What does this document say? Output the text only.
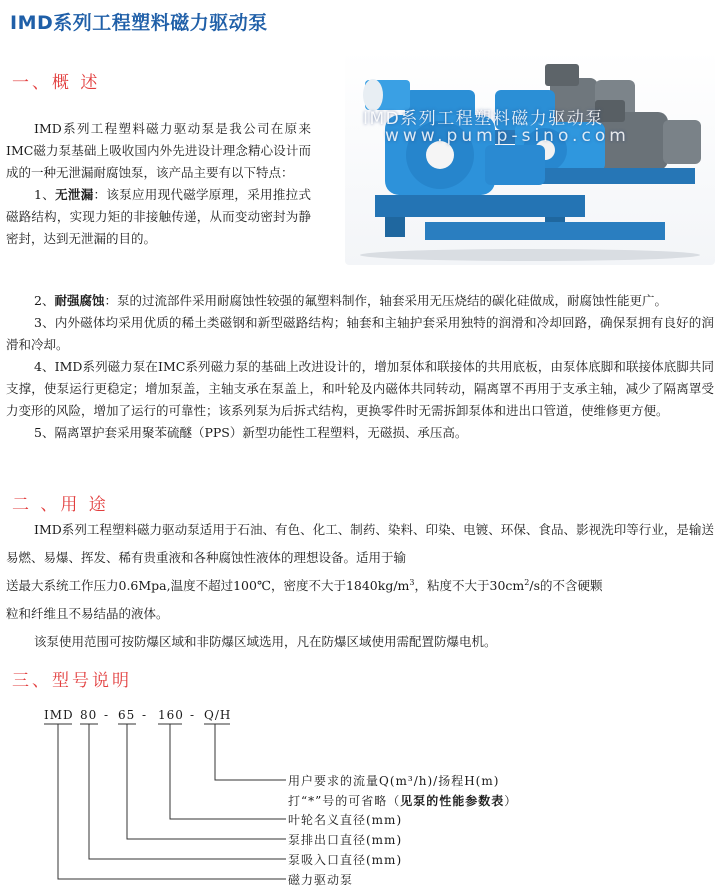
IMD系列工程塑料磁力驱动泵
一、概 述

IMD系列工程塑料磁力驱动泵是我公司在原来IMC磁力泵基础上吸收国内外先进设计理念精心设计而成的一种无泄漏耐腐蚀泵，该产品主要有以下特点：

1、无泄漏：该泵应用现代磁学原理，采用推拉式磁路结构，实现力矩的非接触传递，从而变动密封为静密封，达到无泄漏的目的。

IMD系列工程塑料磁力驱动泵
www.pump-sino.com

2、耐强腐蚀：泵的过流部件采用耐腐蚀性较强的氟塑料制作，轴套采用无压烧结的碳化硅做成，耐腐蚀性能更广。

3、内外磁体均采用优质的稀土类磁钢和新型磁路结构；轴套和主轴护套采用独特的润滑和冷却回路，确保泵拥有良好的润滑和冷却。

4、IMD系列磁力泵在IMC系列磁力泵的基础上改进设计的，增加泵体和联接体的共用底板，由泵体底脚和联接体底脚共同支撑，使泵运行更稳定；增加泵盖，主轴支承在泵盖上，和叶轮及内磁体共同转动，隔离罩不再用于支承主轴，减少了隔离罩受力变形的风险，增加了运行的可靠性；该系列泵为后拆式结构，更换零件时无需拆卸泵体和进出口管道，使维修更方便。

5、隔离罩护套采用聚苯硫醚（PPS）新型功能性工程塑料，无磁损、承压高。

二 、用 途

IMD系列工程塑料磁力驱动泵适用于石油、有色、化工、制药、染料、印染、电镀、环保、食品、影视洗印等行业，是输送易燃、易爆、挥发、稀有贵重液和各种腐蚀性液体的理想设备。适用于输

送最大系统工作压力0.6Mpa,温度不超过100℃，密度不大于$1840kg/m^3$，粘度不大于$30cm^2/s$的不含硬颗

粒和纤维且不易结晶的液体。

该泵使用范围可按防爆区域和非防爆区域选用，凡在防爆区域使用需配置防爆电机。

三、型号说明
IMD 80 - 65 - 160 - Q/H
用户要求的流量Q(m³/h)/扬程H(m)
打“*”号的可省略（见泵的性能参数表）
叶轮名义直径(mm)
泵排出口直径(mm)
泵吸入口直径(mm)
磁力驱动泵
